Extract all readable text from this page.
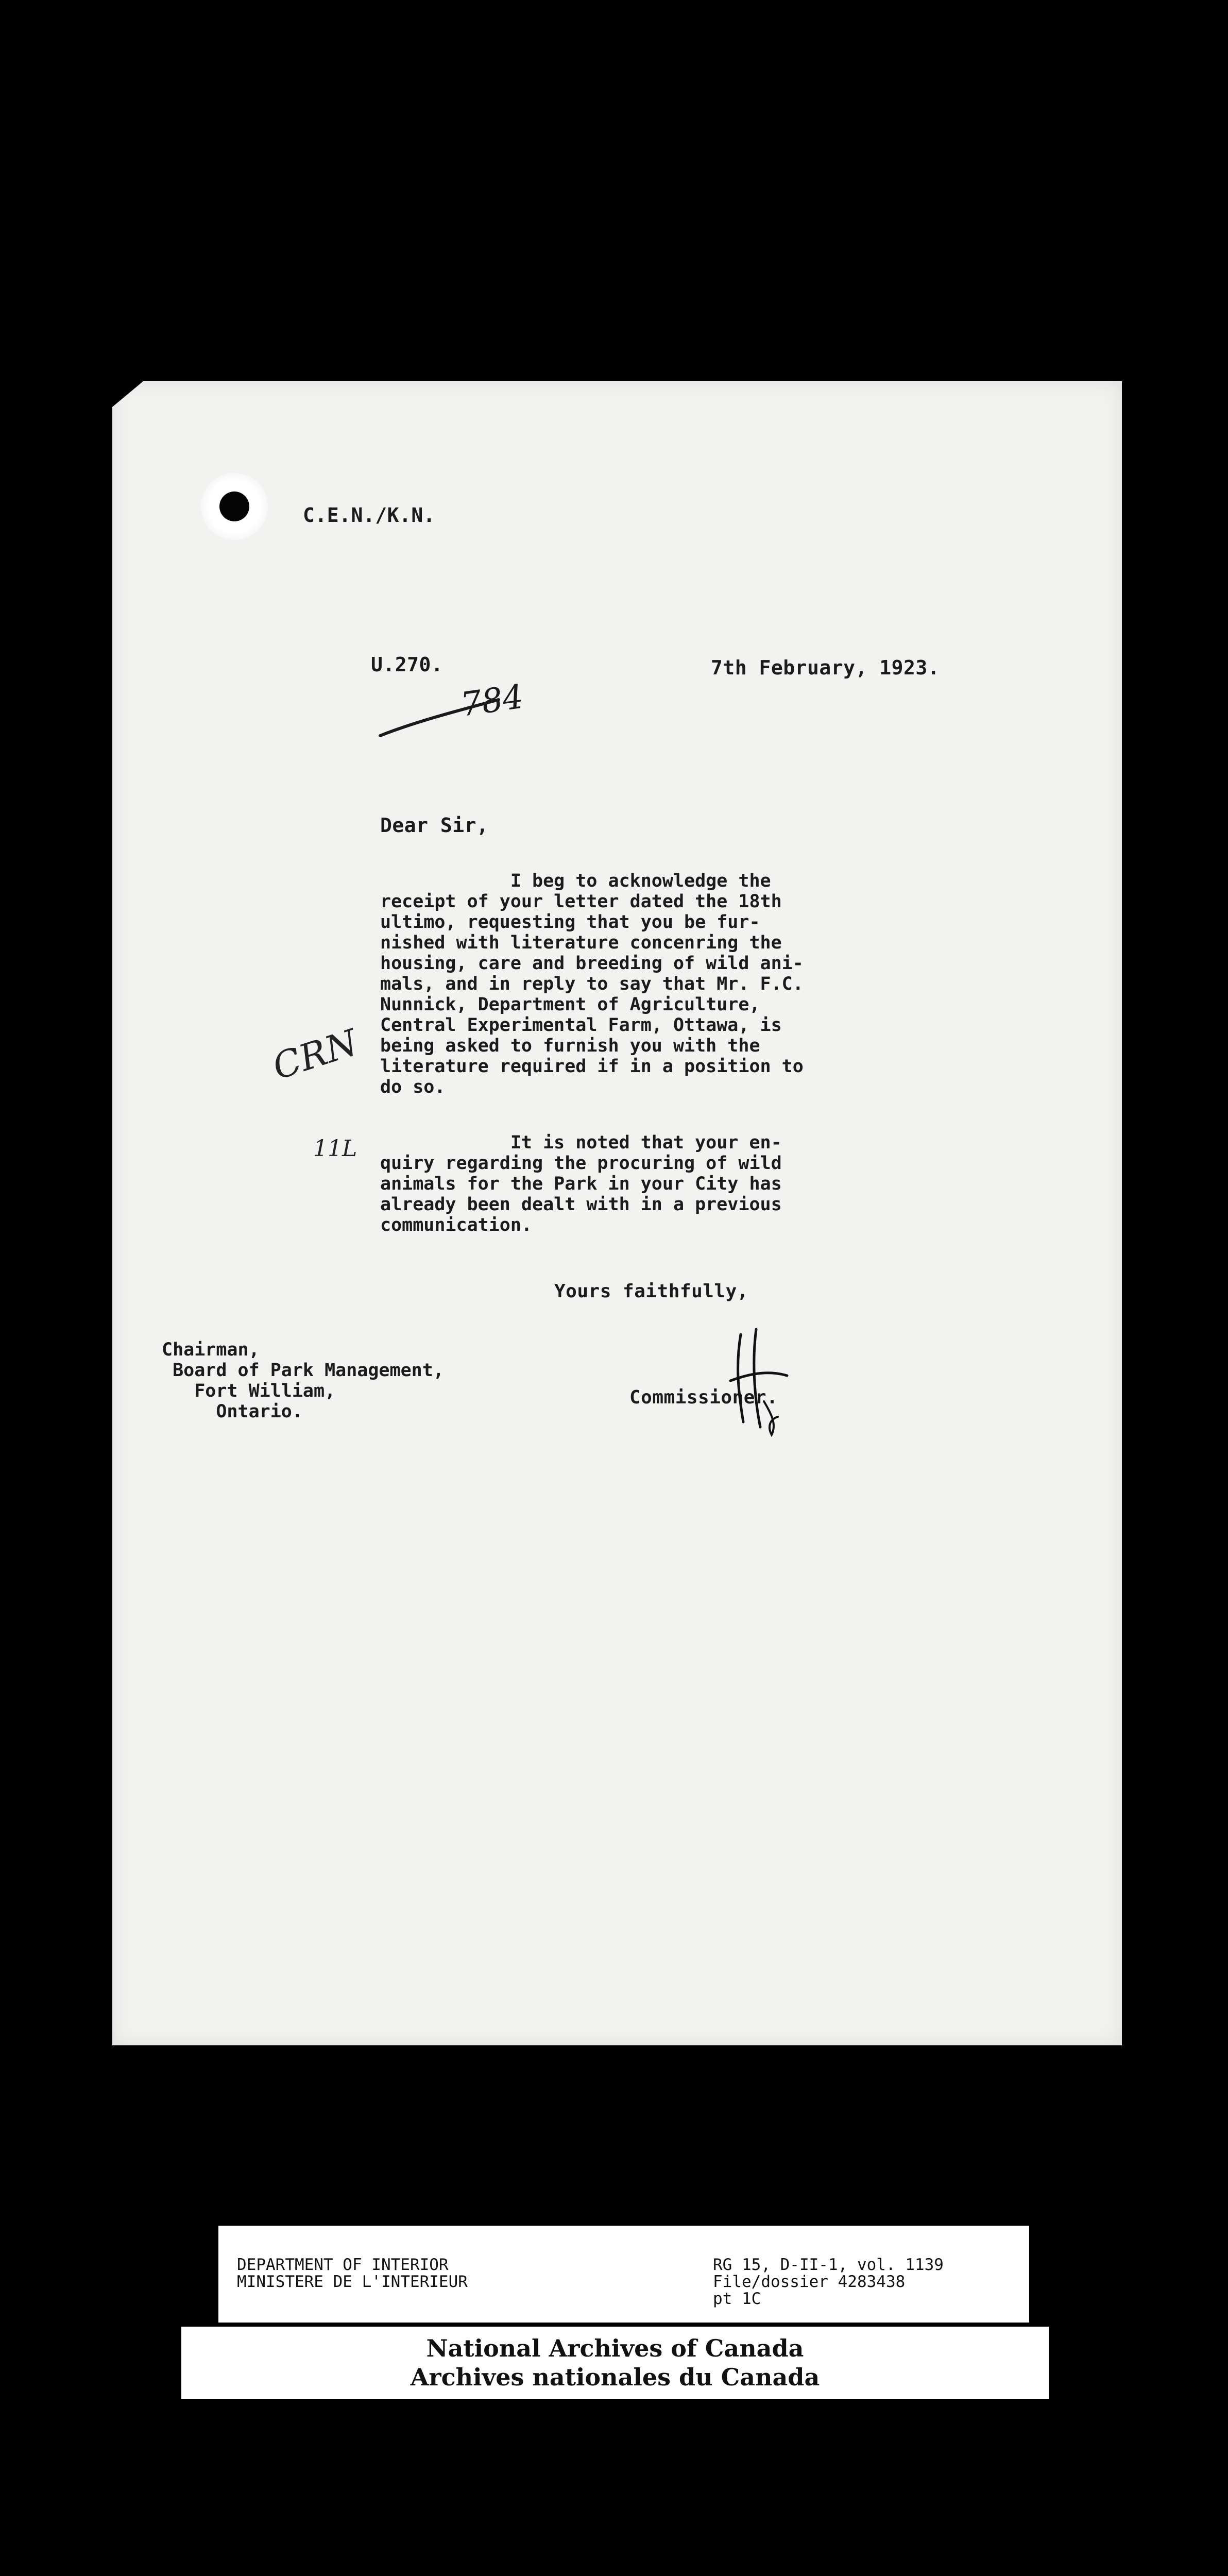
C.E.N./K.N.
U.270.	7th February, 1923.
784
Dear Sir,
I beg to acknowledge the
receipt of your letter dated the 18th
ultimo, requesting that you be fur-
nished with literature concenring the
housing, care and breeding of wild ani-
mals, and in reply to say that Mr. F.C.
Nunnick, Department of Agriculture,
Central Experimental Farm, Ottawa, is
being asked to furnish you with the
literature required if in a position to
do so.
CRN
11L It is noted that your en-
quiry regarding the procuring of wild
animals for the Park in your City has
already been dealt with in a previous
communication.
Yours faithfully,
Chairman,
Board of Park Management,
Fort William,
Ontario.
Commissioner.
DEPARTMENT OF INTERIOR
MINISTERE DE L'INTERIEUR
RG 15, D-II-1, vol. 1139
File/dossier 4283438
pt 1C
National Archives of Canada
Archives nationales du Canada
